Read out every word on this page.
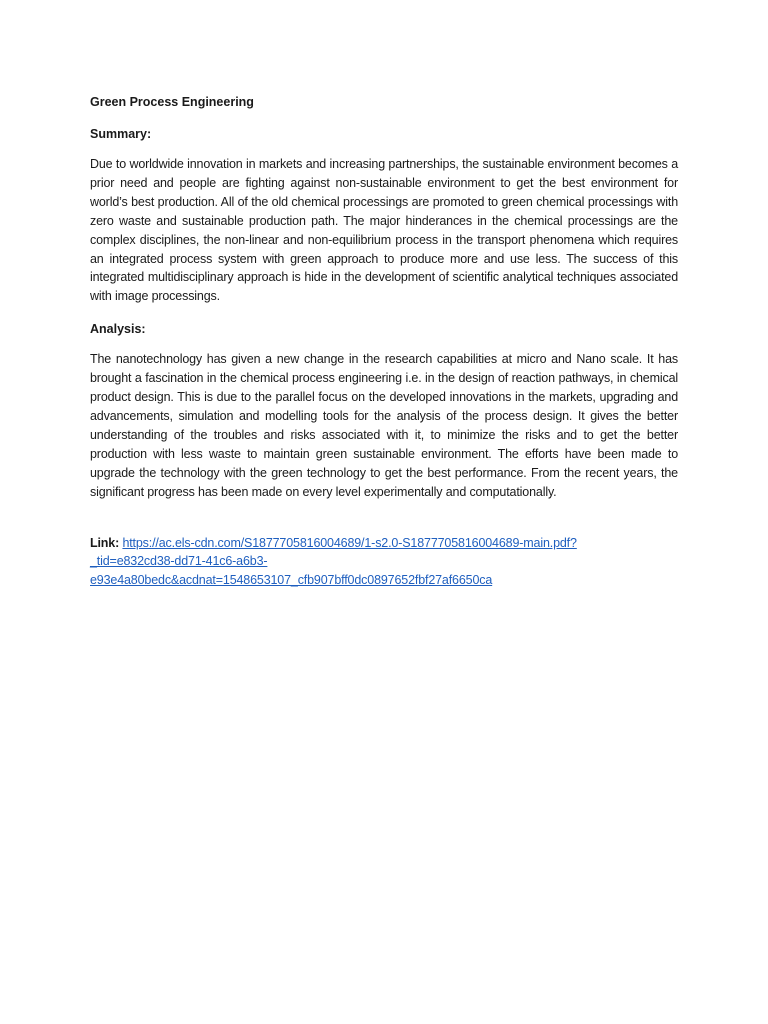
Green Process Engineering
Summary:

Due to worldwide innovation in markets and increasing partnerships, the sustainable environment becomes a prior need and people are fighting against non-sustainable environment to get the best environment for world’s best production. All of the old chemical processings are promoted to green chemical processings with zero waste and sustainable production path. The major hinderances in the chemical processings are the complex disciplines, the non-linear and non-equilibrium process in the transport phenomena which requires an integrated process system with green approach to produce more and use less. The success of this integrated multidisciplinary approach is hide in the development of scientific analytical techniques associated with image processings.

Analysis:

The nanotechnology has given a new change in the research capabilities at micro and Nano scale. It has brought a fascination in the chemical process engineering i.e. in the design of reaction pathways, in chemical product design. This is due to the parallel focus on the developed innovations in the markets, upgrading and advancements, simulation and modelling tools for the analysis of the process design. It gives the better understanding of the troubles and risks associated with it, to minimize the risks and to get the better production with less waste to maintain green sustainable environment. The efforts have been made to upgrade the technology with the green technology to get the best performance. From the recent years, the significant progress has been made on every level experimentally and computationally.

Link: https://ac.els-cdn.com/S1877705816004689/1-s2.0-S1877705816004689-main.pdf?
_tid=e832cd38-dd71-41c6-a6b3-
e93e4a80bedc&acdnat=1548653107_cfb907bff0dc0897652fbf27af6650ca
